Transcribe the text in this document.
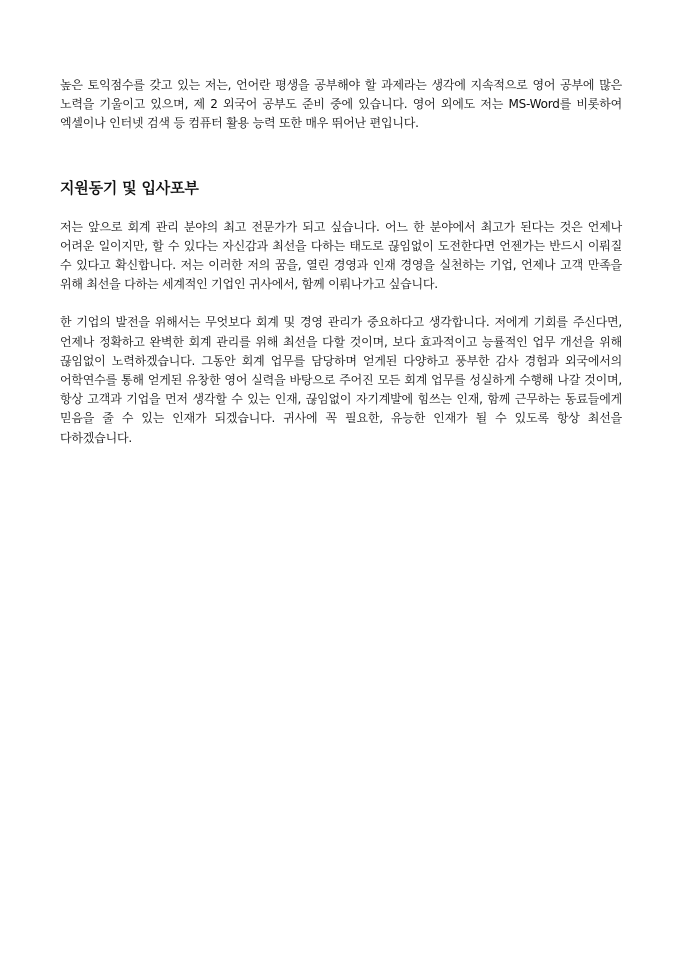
높은 토익점수를 갖고 있는 저는, 언어란 평생을 공부해야 할 과제라는 생각에 지속적으로 영어 공부에 많은 노력을 기울이고 있으며, 제 2 외국어 공부도 준비 중에 있습니다. 영어 외에도 저는 MS-Word를 비롯하여 엑셀이나 인터넷 검색 등 컴퓨터 활용 능력 또한 매우 뛰어난 편입니다.

지원동기 및 입사포부

저는 앞으로 회계 관리 분야의 최고 전문가가 되고 싶습니다. 어느 한 분야에서 최고가 된다는 것은 언제나 어려운 일이지만, 할 수 있다는 자신감과 최선을 다하는 태도로 끊임없이 도전한다면 언젠가는 반드시 이뤄질 수 있다고 확신합니다. 저는 이러한 저의 꿈을, 열린 경영과 인재 경영을 실천하는 기업, 언제나 고객 만족을 위해 최선을 다하는 세계적인 기업인 귀사에서, 함께 이뤄나가고 싶습니다.

한 기업의 발전을 위해서는 무엇보다 회계 및 경영 관리가 중요하다고 생각합니다. 저에게 기회를 주신다면, 언제나 정확하고 완벽한 회계 관리를 위해 최선을 다할 것이며, 보다 효과적이고 능률적인 업무 개선을 위해 끊임없이 노력하겠습니다. 그동안 회계 업무를 담당하며 얻게된 다양하고 풍부한 감사 경험과 외국에서의 어학연수를 통해 얻게된 유창한 영어 실력을 바탕으로 주어진 모든 회계 업무를 성실하게 수행해 나갈 것이며, 항상 고객과 기업을 먼저 생각할 수 있는 인재, 끊임없이 자기계발에 힘쓰는 인재, 함께 근무하는 동료들에게 믿음을 줄 수 있는 인재가 되겠습니다. 귀사에 꼭 필요한, 유능한 인재가 될 수 있도록 항상 최선을 다하겠습니다.
